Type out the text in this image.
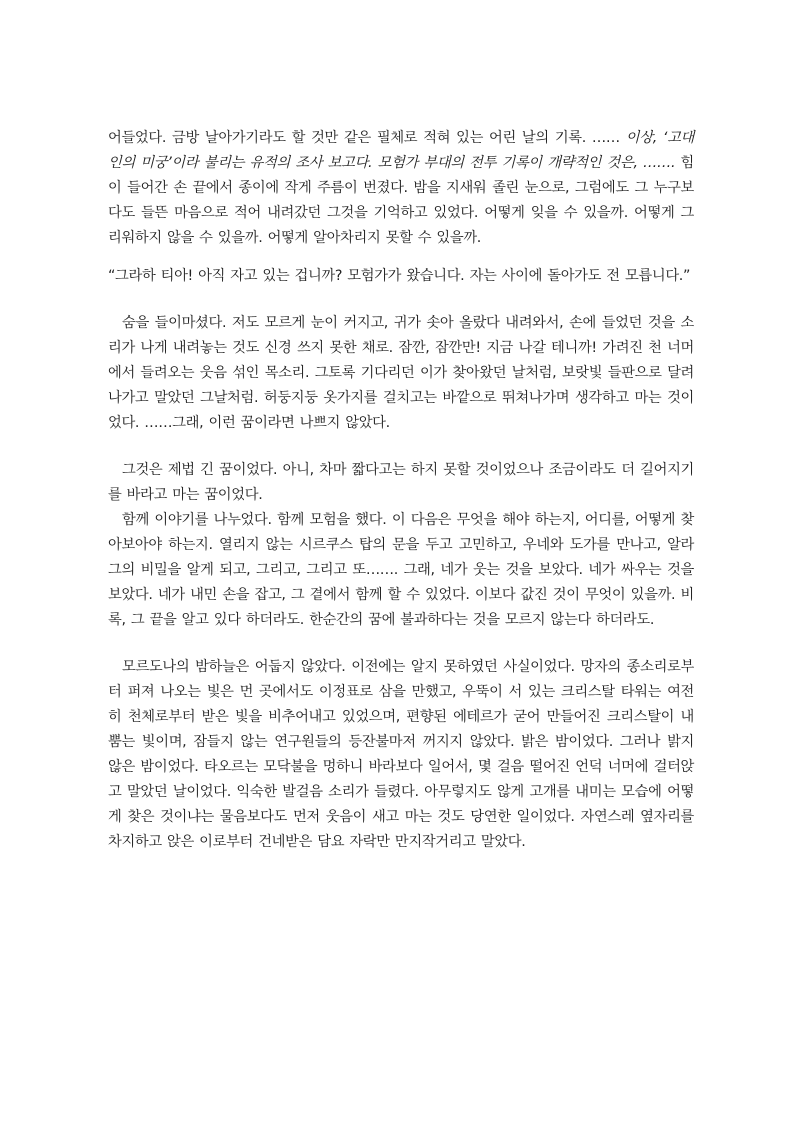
어들었다. 금방 날아가기라도 할 것만 같은 필체로 적혀 있는 어린 날의 기록. …… 이상, ‘고대인의 미궁’이라 불리는 유적의 조사 보고다. 모험가 부대의 전투 기록이 개략적인 것은, ……. 힘이 들어간 손 끝에서 종이에 작게 주름이 번졌다. 밤을 지새워 졸린 눈으로, 그럼에도 그 누구보다도 들뜬 마음으로 적어 내려갔던 그것을 기억하고 있었다. 어떻게 잊을 수 있을까. 어떻게 그리워하지 않을 수 있을까. 어떻게 알아차리지 못할 수 있을까.

“그라하 티아! 아직 자고 있는 겁니까? 모험가가 왔습니다. 자는 사이에 돌아가도 전 모릅니다.”

숨을 들이마셨다. 저도 모르게 눈이 커지고, 귀가 솟아 올랐다 내려와서, 손에 들었던 것을 소리가 나게 내려놓는 것도 신경 쓰지 못한 채로. 잠깐, 잠깐만! 지금 나갈 테니까! 가려진 천 너머에서 들려오는 웃음 섞인 목소리. 그토록 기다리던 이가 찾아왔던 날처럼, 보랏빛 들판으로 달려나가고 말았던 그날처럼. 허둥지둥 옷가지를 걸치고는 바깥으로 뛰쳐나가며 생각하고 마는 것이었다. ……그래, 이런 꿈이라면 나쁘지 않았다.

그것은 제법 긴 꿈이었다. 아니, 차마 짧다고는 하지 못할 것이었으나 조금이라도 더 길어지기를 바라고 마는 꿈이었다.

함께 이야기를 나누었다. 함께 모험을 했다. 이 다음은 무엇을 해야 하는지, 어디를, 어떻게 찾아보아야 하는지. 열리지 않는 시르쿠스 탑의 문을 두고 고민하고, 우네와 도가를 만나고, 알라그의 비밀을 알게 되고, 그리고, 그리고 또……. 그래, 네가 웃는 것을 보았다. 네가 싸우는 것을 보았다. 네가 내민 손을 잡고, 그 곁에서 함께 할 수 있었다. 이보다 값진 것이 무엇이 있을까. 비록, 그 끝을 알고 있다 하더라도. 한순간의 꿈에 불과하다는 것을 모르지 않는다 하더라도.

모르도나의 밤하늘은 어둡지 않았다. 이전에는 알지 못하였던 사실이었다. 망자의 종소리로부터 퍼져 나오는 빛은 먼 곳에서도 이정표로 삼을 만했고, 우뚝이 서 있는 크리스탈 타워는 여전히 천체로부터 받은 빛을 비추어내고 있었으며, 편향된 에테르가 굳어 만들어진 크리스탈이 내뿜는 빛이며, 잠들지 않는 연구원들의 등잔불마저 꺼지지 않았다. 밝은 밤이었다. 그러나 밝지 않은 밤이었다. 타오르는 모닥불을 멍하니 바라보다 일어서, 몇 걸음 떨어진 언덕 너머에 걸터앉고 말았던 날이었다. 익숙한 발걸음 소리가 들렸다. 아무렇지도 않게 고개를 내미는 모습에 어떻게 찾은 것이냐는 물음보다도 먼저 웃음이 새고 마는 것도 당연한 일이었다. 자연스레 옆자리를 차지하고 앉은 이로부터 건네받은 담요 자락만 만지작거리고 말았다.
